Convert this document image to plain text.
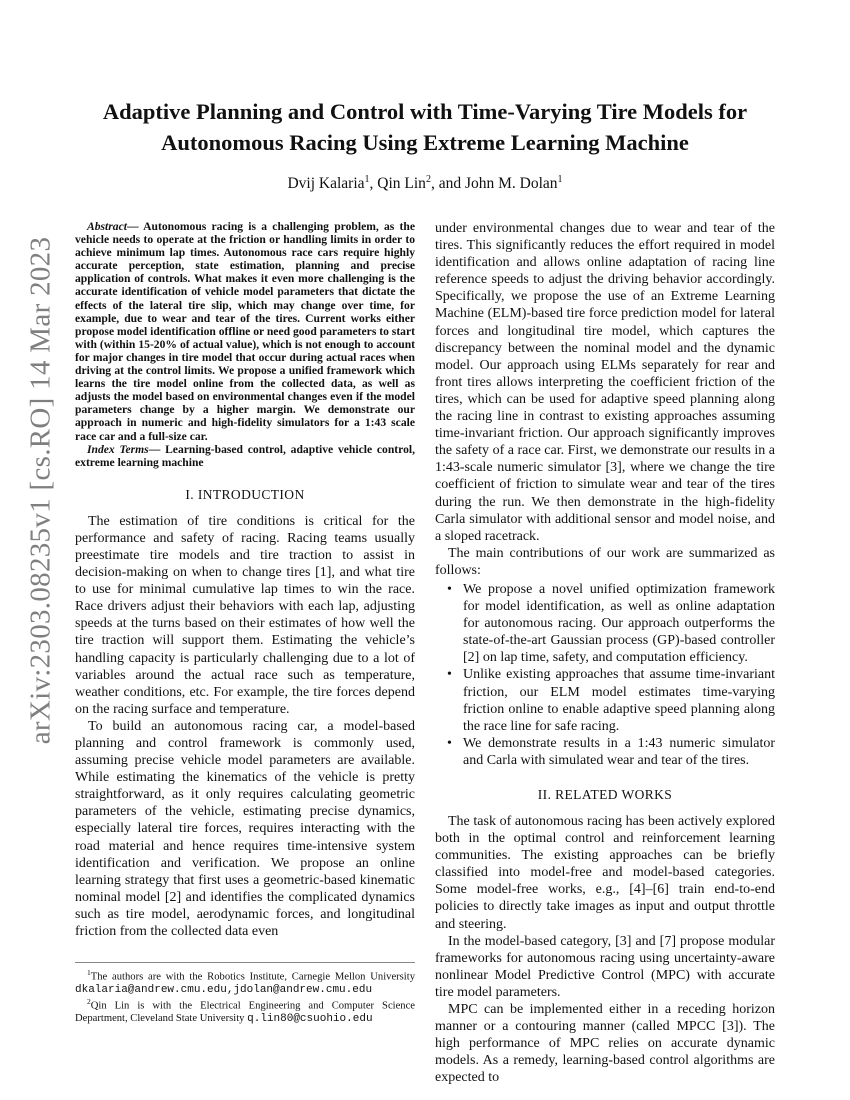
arXiv:2303.08235v1 [cs.RO] 14 Mar 2023
Adaptive Planning and Control with Time-Varying Tire Models for Autonomous Racing Using Extreme Learning Machine
Dvij Kalaria$^1$, Qin Lin$^2$, and John M. Dolan$^1$

Abstract— Autonomous racing is a challenging problem, as the vehicle needs to operate at the friction or handling limits in order to achieve minimum lap times. Autonomous race cars require highly accurate perception, state estimation, planning and precise application of controls. What makes it even more challenging is the accurate identification of vehicle model parameters that dictate the effects of the lateral tire slip, which may change over time, for example, due to wear and tear of the tires. Current works either propose model identification offline or need good parameters to start with (within 15-20% of actual value), which is not enough to account for major changes in tire model that occur during actual races when driving at the control limits. We propose a unified framework which learns the tire model online from the collected data, as well as adjusts the model based on environmental changes even if the model parameters change by a higher margin. We demonstrate our approach in numeric and high-fidelity simulators for a 1:43 scale race car and a full-size car.

Index Terms— Learning-based control, adaptive vehicle control, extreme learning machine

I. INTRODUCTION

The estimation of tire conditions is critical for the performance and safety of racing. Racing teams usually preestimate tire models and tire traction to assist in decision-making on when to change tires [1], and what tire to use for minimal cumulative lap times to win the race. Race drivers adjust their behaviors with each lap, adjusting speeds at the turns based on their estimates of how well the tire traction will support them. Estimating the vehicle’s handling capacity is particularly challenging due to a lot of variables around the actual race such as temperature, weather conditions, etc. For example, the tire forces depend on the racing surface and temperature.

To build an autonomous racing car, a model-based planning and control framework is commonly used, assuming precise vehicle model parameters are available. While estimating the kinematics of the vehicle is pretty straightforward, as it only requires calculating geometric parameters of the vehicle, estimating precise dynamics, especially lateral tire forces, requires interacting with the road material and hence requires time-intensive system identification and verification. We propose an online learning strategy that first uses a geometric-based kinematic nominal model [2] and identifies the complicated dynamics such as tire model, aerodynamic forces, and longitudinal friction from the collected data even

$^1$The authors are with the Robotics Institute, Carnegie Mellon University dkalaria@andrew.cmu.edu,jdolan@andrew.cmu.edu

$^2$Qin Lin is with the Electrical Engineering and Computer Science Department, Cleveland State University q.lin80@csuohio.edu

under environmental changes due to wear and tear of the tires. This significantly reduces the effort required in model identification and allows online adaptation of racing line reference speeds to adjust the driving behavior accordingly. Specifically, we propose the use of an Extreme Learning Machine (ELM)-based tire force prediction model for lateral forces and longitudinal tire model, which captures the discrepancy between the nominal model and the dynamic model. Our approach using ELMs separately for rear and front tires allows interpreting the coefficient friction of the tires, which can be used for adaptive speed planning along the racing line in contrast to existing approaches assuming time-invariant friction. Our approach significantly improves the safety of a race car. First, we demonstrate our results in a 1:43-scale numeric simulator [3], where we change the tire coefficient of friction to simulate wear and tear of the tires during the run. We then demonstrate in the high-fidelity Carla simulator with additional sensor and model noise, and a sloped racetrack.

The main contributions of our work are summarized as follows:

• We propose a novel unified optimization framework for model identification, as well as online adaptation for autonomous racing. Our approach outperforms the state-of-the-art Gaussian process (GP)-based controller [2] on lap time, safety, and computation efficiency.
• Unlike existing approaches that assume time-invariant friction, our ELM model estimates time-varying friction online to enable adaptive speed planning along the race line for safe racing.
• We demonstrate results in a 1:43 numeric simulator and Carla with simulated wear and tear of the tires.
II. RELATED WORKS

The task of autonomous racing has been actively explored both in the optimal control and reinforcement learning communities. The existing approaches can be briefly classified into model-free and model-based categories. Some model-free works, e.g., [4]–[6] train end-to-end policies to directly take images as input and output throttle and steering.

In the model-based category, [3] and [7] propose modular frameworks for autonomous racing using uncertainty-aware nonlinear Model Predictive Control (MPC) with accurate tire model parameters.

MPC can be implemented either in a receding horizon manner or a contouring manner (called MPCC [3]). The high performance of MPC relies on accurate dynamic models. As a remedy, learning-based control algorithms are expected to
